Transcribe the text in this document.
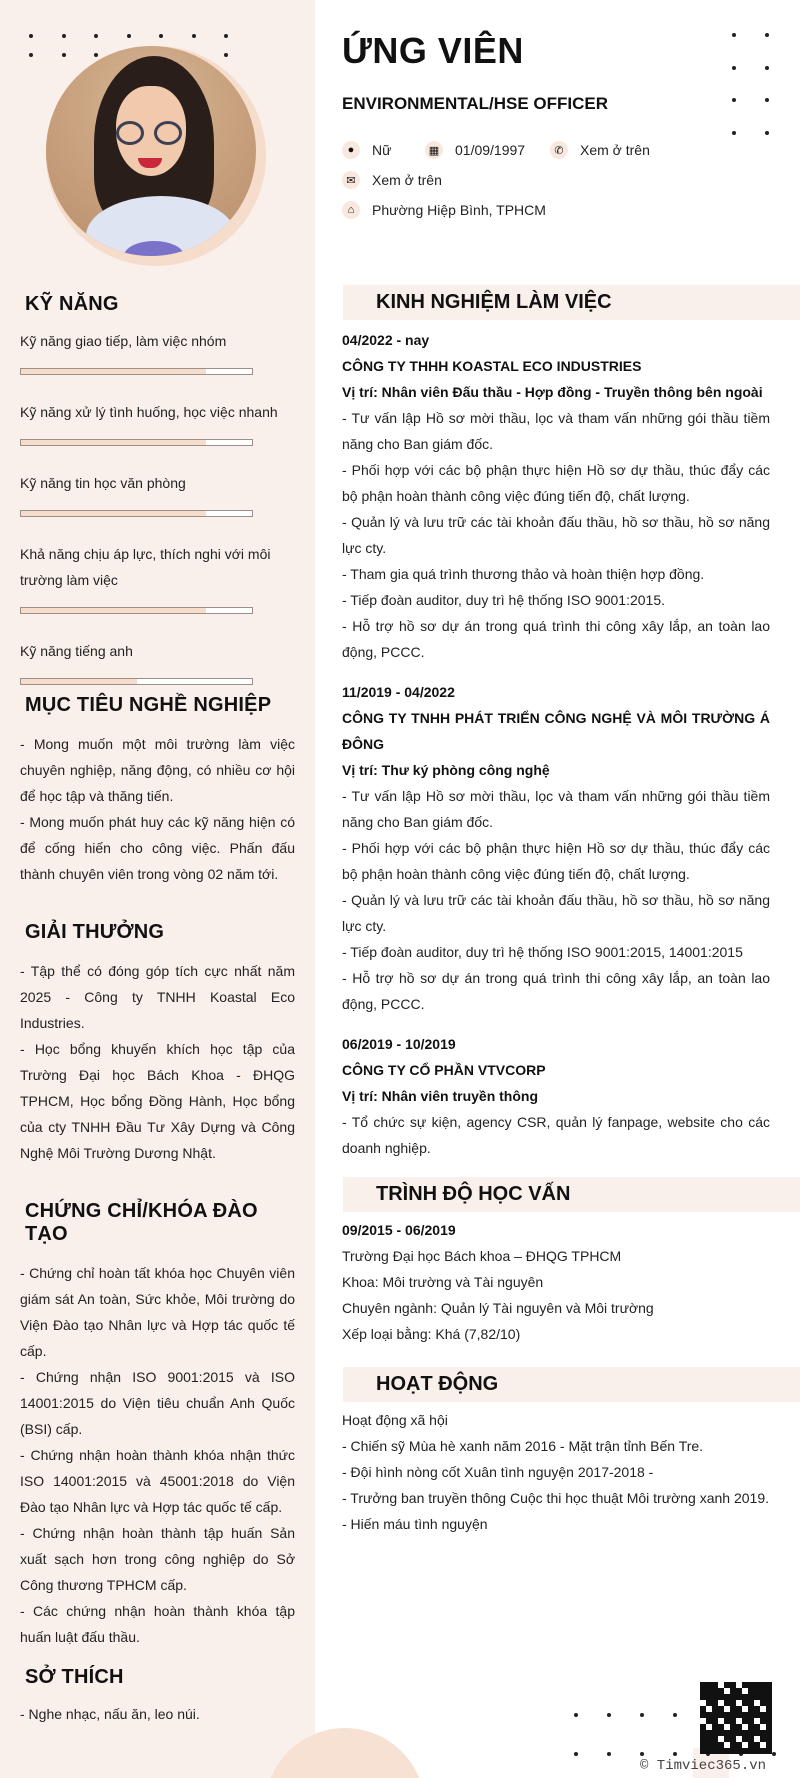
ỨNG VIÊN
ENVIRONMENTAL/HSE OFFICER
●	Nữ	▦ 01/09/1997	✆	Xem ở trên
✉	Xem ở trên
⌂	Phường Hiệp Bình, TPHCM
KỸ NĂNG
Kỹ năng giao tiếp, làm việc nhóm
Kỹ năng xử lý tình huống, học việc nhanh
Kỹ năng tin học văn phòng
Khả năng chịu áp lực, thích nghi với môi trường làm việc
Kỹ năng tiếng anh
MỤC TIÊU NGHỀ NGHIỆP

- Mong muốn một môi trường làm việc chuyên nghiệp, năng động, có nhiều cơ hội để học tập và thăng tiến.

- Mong muốn phát huy các kỹ năng hiện có để cống hiến cho công việc. Phấn đấu thành chuyên viên trong vòng 02 năm tới.

GIẢI THƯỞNG

- Tập thể có đóng góp tích cực nhất năm 2025 - Công ty TNHH Koastal Eco Industries.

- Học bổng khuyến khích học tập của Trường Đại học Bách Khoa - ĐHQG TPHCM, Học bổng Đồng Hành, Học bổng của cty TNHH Đầu Tư Xây Dựng và Công Nghệ Môi Trường Dương Nhật.

CHỨNG CHỈ/KHÓA ĐÀO TẠO

- Chứng chỉ hoàn tất khóa học Chuyên viên giám sát An toàn, Sức khỏe, Môi trường do Viện Đào tạo Nhân lực và Hợp tác quốc tế cấp.

- Chứng nhận ISO 9001:2015 và ISO 14001:2015 do Viện tiêu chuẩn Anh Quốc (BSI) cấp.

- Chứng nhận hoàn thành khóa nhận thức ISO 14001:2015 và 45001:2018 do Viện Đào tạo Nhân lực và Hợp tác quốc tế cấp.

- Chứng nhận hoàn thành tập huấn Sản xuất sạch hơn trong công nghiệp do Sở Công thương TPHCM cấp.

- Các chứng nhận hoàn thành khóa tập huấn luật đấu thầu.

SỞ THÍCH

- Nghe nhạc, nấu ăn, leo núi.

KINH NGHIỆM LÀM VIỆC
04/2022 - nay
CÔNG TY THHH KOASTAL ECO INDUSTRIES
Vị trí: Nhân viên Đấu thầu - Hợp đồng - Truyền thông bên ngoài

- Tư vấn lập Hồ sơ mời thầu, lọc và tham vấn những gói thầu tiềm năng cho Ban giám đốc.

- Phối hợp với các bộ phận thực hiện Hồ sơ dự thầu, thúc đẩy các bộ phận hoàn thành công việc đúng tiến độ, chất lượng.

- Quản lý và lưu trữ các tài khoản đấu thầu, hồ sơ thầu, hồ sơ năng lực cty.

- Tham gia quá trình thương thảo và hoàn thiện hợp đồng.

- Tiếp đoàn auditor, duy trì hệ thống ISO 9001:2015.

- Hỗ trợ hồ sơ dự án trong quá trình thi công xây lắp, an toàn lao động, PCCC.

11/2019 - 04/2022
CÔNG TY TNHH PHÁT TRIỂN CÔNG NGHỆ VÀ MÔI TRƯỜNG Á ĐÔNG
Vị trí: Thư ký phòng công nghệ

- Tư vấn lập Hồ sơ mời thầu, lọc và tham vấn những gói thầu tiềm năng cho Ban giám đốc.

- Phối hợp với các bộ phận thực hiện Hồ sơ dự thầu, thúc đẩy các bộ phận hoàn thành công việc đúng tiến độ, chất lượng.

- Quản lý và lưu trữ các tài khoản đấu thầu, hồ sơ thầu, hồ sơ năng lực cty.

- Tiếp đoàn auditor, duy trì hệ thống ISO 9001:2015, 14001:2015

- Hỗ trợ hồ sơ dự án trong quá trình thi công xây lắp, an toàn lao động, PCCC.

06/2019 - 10/2019
CÔNG TY CỔ PHẦN VTVCORP
Vị trí: Nhân viên truyền thông

- Tổ chức sự kiện, agency CSR, quản lý fanpage, website cho các doanh nghiệp.

TRÌNH ĐỘ HỌC VẤN
09/2015 - 06/2019

Trường Đại học Bách khoa – ĐHQG TPHCM

Khoa: Môi trường và Tài nguyên

Chuyên ngành: Quản lý Tài nguyên và Môi trường

Xếp loại bằng: Khá (7,82/10)

HOẠT ĐỘNG

Hoạt động xã hội

- Chiến sỹ Mùa hè xanh năm 2016 - Mặt trận tỉnh Bến Tre.

- Đội hình nòng cốt Xuân tình nguyện 2017-2018 -

- Trưởng ban truyền thông Cuộc thi học thuật Môi trường xanh 2019.

- Hiến máu tình nguyện

© Timviec365.vn
